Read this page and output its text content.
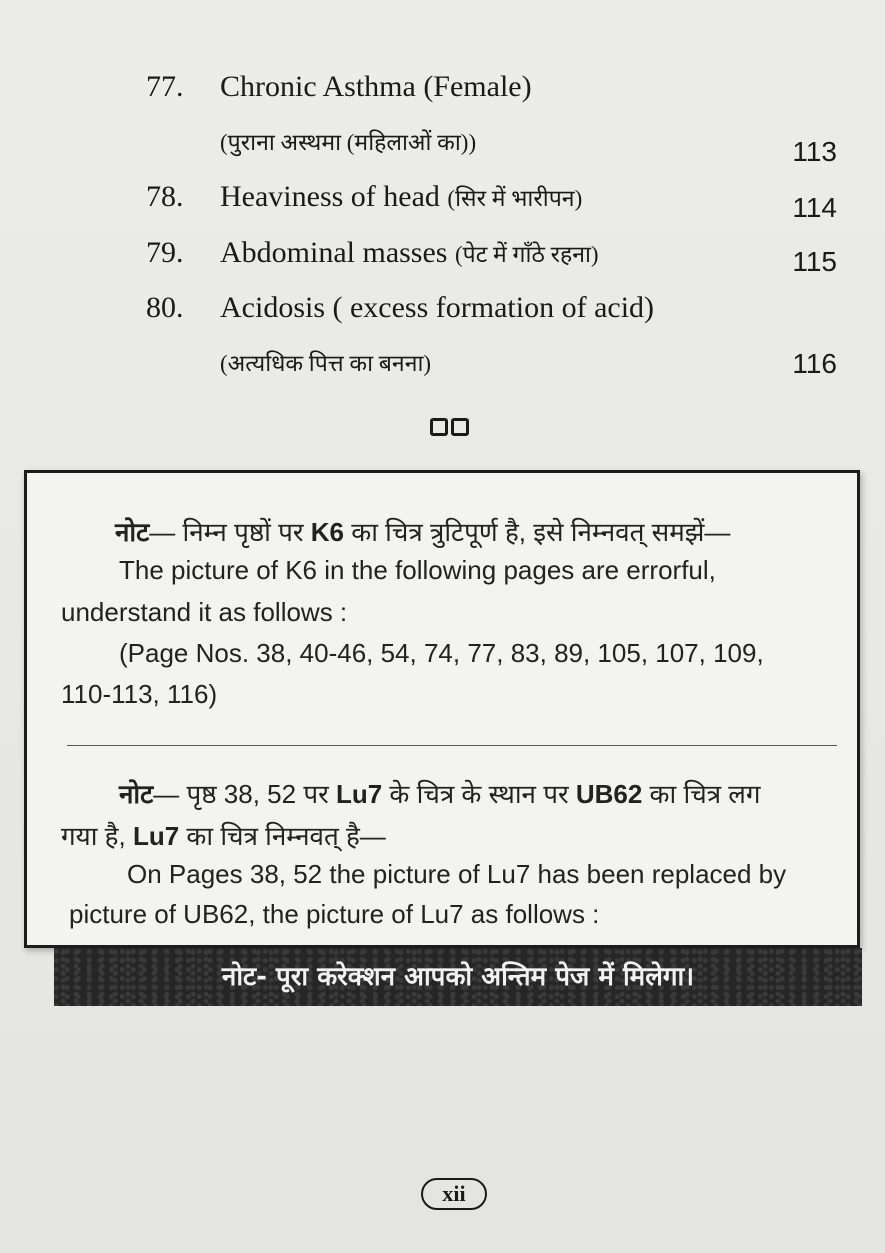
77. Chronic Asthma (Female)
(पुराना अस्थमा (महिलाओं का))	113
78. Heaviness of head (सिर में भारीपन)	114
79. Abdominal masses (पेट में गाँठे रहना)	115
80. Acidosis ( excess formation of acid)
(अत्यधिक पित्त का बनना)	116
नोट— निम्न पृष्ठों पर K6 का चित्र त्रुटिपूर्ण है, इसे निम्नवत् समझें—
The picture of K6 in the following pages are errorful,
understand it as follows :
(Page Nos. 38, 40-46, 54, 74, 77, 83, 89, 105, 107, 109,
110-113, 116)
नोट— पृष्ठ 38, 52 पर Lu7 के चित्र के स्थान पर UB62 का चित्र लग
गया है, Lu7 का चित्र निम्नवत् है—
On Pages 38, 52 the picture of Lu7 has been replaced by
picture of UB62, the picture of Lu7 as follows :
नोट- पूरा करेक्शन आपको अन्तिम पेज में मिलेगा।
xii
